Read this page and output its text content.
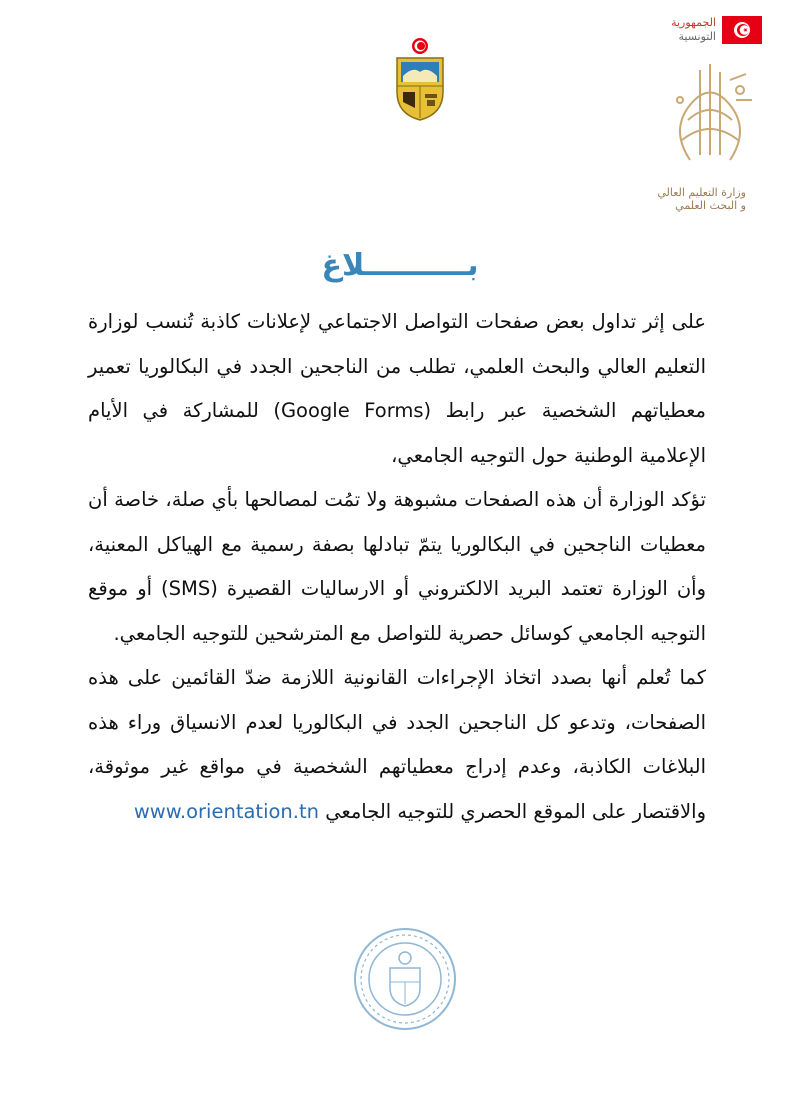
الجمهورية
التونسية
وزارة التعليم العالي
و البحث العلمي
بــــــــــلاغ

على إثر تداول بعض صفحات التواصل الاجتماعي لإعلانات كاذبة تُنسب لوزارة التعليم العالي والبحث العلمي، تطلب من الناجحين الجدد في البكالوريا تعمير معطياتهم الشخصية عبر رابط (Google Forms) للمشاركة في الأيام الإعلامية الوطنية حول التوجيه الجامعي،

تؤكد الوزارة أن هذه الصفحات مشبوهة ولا تمُت لمصالحها بأي صلة، خاصة أن معطيات الناجحين في البكالوريا يتمّ تبادلها بصفة رسمية مع الهياكل المعنية، وأن الوزارة تعتمد البريد الالكتروني أو الارساليات القصيرة (SMS) أو موقع التوجيه الجامعي كوسائل حصرية للتواصل مع المترشحين للتوجيه الجامعي.

كما تُعلم أنها بصدد اتخاذ الإجراءات القانونية اللازمة ضدّ القائمين على هذه الصفحات، وتدعو كل الناجحين الجدد في البكالوريا لعدم الانسياق وراء هذه البلاغات الكاذبة، وعدم إدراج معطياتهم الشخصية في مواقع غير موثوقة، والاقتصار على الموقع الحصري للتوجيه الجامعي www.orientation.tn
